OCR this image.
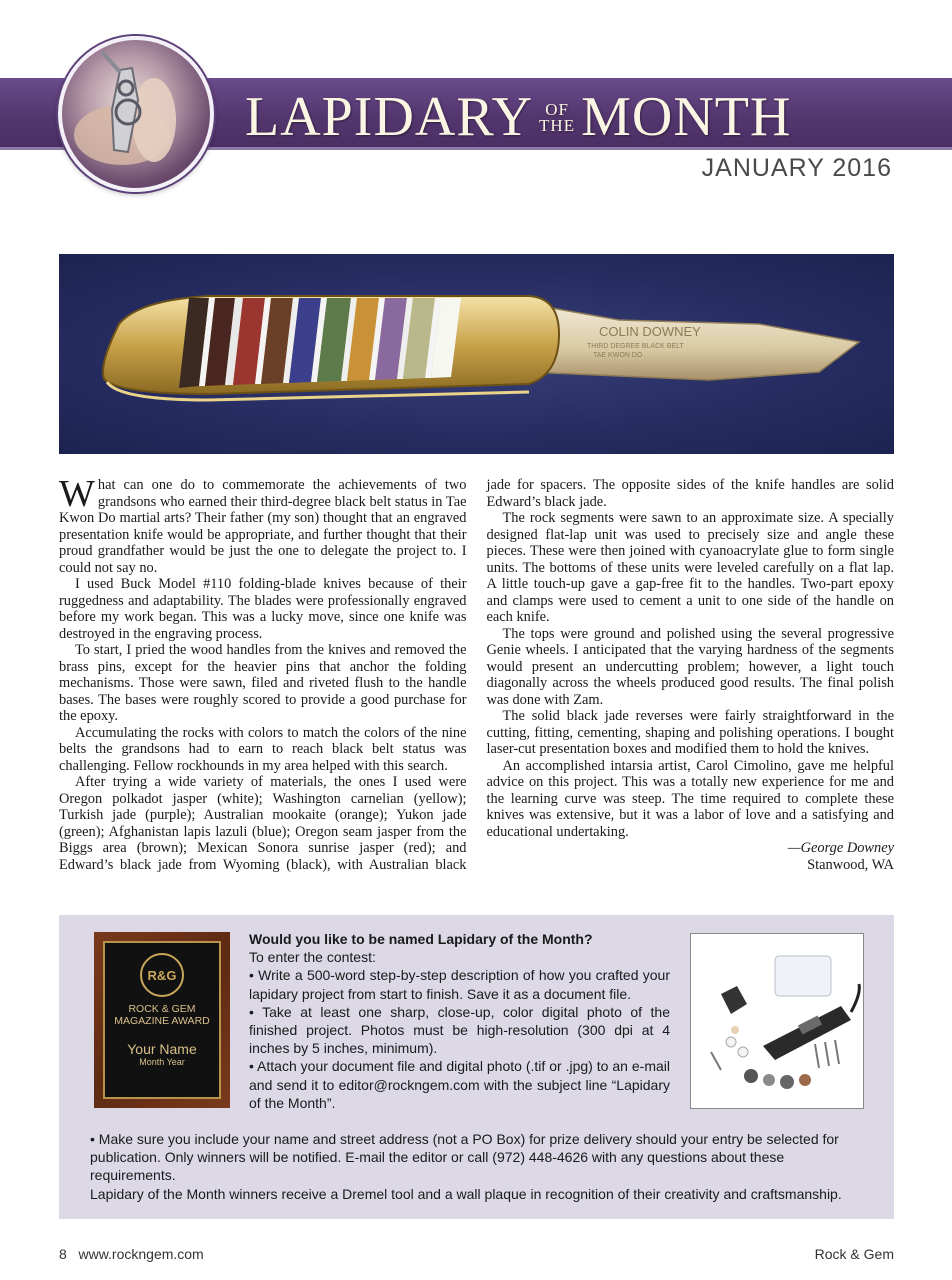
LAPIDARY OF
THE MONTH
JANUARY 2016
COLIN DOWNEY
THIRD DEGREE BLACK BELT
TAE KWON DO

What can one do to commemorate the achievements of two grandsons who earned their third-degree black belt status in Tae Kwon Do martial arts? Their father (my son) thought that an engraved presentation knife would be appropriate, and further thought that their proud grandfather would be just the one to delegate the project to. I could not say no.

I used Buck Model #110 folding-blade knives because of their ruggedness and adaptability. The blades were professionally engraved before my work began. This was a lucky move, since one knife was destroyed in the engraving process.

To start, I pried the wood handles from the knives and removed the brass pins, except for the heavier pins that anchor the folding mechanisms. Those were sawn, filed and riveted flush to the handle bases. The bases were roughly scored to provide a good purchase for the epoxy.

Accumulating the rocks with colors to match the colors of the nine belts the grandsons had to earn to reach black belt status was challenging. Fellow rockhounds in my area helped with this search.

After trying a wide variety of materials, the ones I used were Oregon polkadot jasper (white); Washington carnelian (yellow); Turkish jade (purple); Australian mookaite (orange); Yukon jade (green); Afghanistan lapis lazuli (blue); Oregon seam jasper from the Biggs area (brown); Mexican Sonora sunrise jasper (red); and Edward’s black jade from Wyoming (black), with Australian black jade for spacers. The opposite sides of the knife handles are solid Edward’s black jade.

The rock segments were sawn to an approximate size. A specially designed flat-lap unit was used to precisely size and angle these pieces. These were then joined with cyanoacrylate glue to form single units. The bottoms of these units were leveled carefully on a flat lap. A little touch-up gave a gap-free fit to the handles. Two-part epoxy and clamps were used to cement a unit to one side of the handle on each knife.

The tops were ground and polished using the several progressive Genie wheels. I anticipated that the varying hardness of the segments would present an undercutting problem; however, a light touch diagonally across the wheels produced good results. The final polish was done with Zam.

The solid black jade reverses were fairly straightforward in the cutting, fitting, cementing, shaping and polishing operations. I bought laser-cut presentation boxes and modified them to hold the knives.

An accomplished intarsia artist, Carol Cimolino, gave me helpful advice on this project. This was a totally new experience for me and the learning curve was steep. The time required to complete these knives was extensive, but it was a labor of love and a satisfying and educational undertaking.

—George Downey

Stanwood, WA

R&G
ROCK & GEM
MAGAZINE AWARD
Your Name
Month Year
Would you like to be named Lapidary of the Month?
To enter the contest:
• Write a 500-word step-by-step description of how you crafted your lapidary project from start to finish. Save it as a document file.
• Take at least one sharp, close-up, color digital photo of the finished project. Photos must be high-resolution (300 dpi at 4 inches by 5 inches, minimum).
• Attach your document file and digital photo (.tif or .jpg) to an e-mail and send it to editor@rockngem.com with the subject line “Lapidary of the Month”.
• Make sure you include your name and street address (not a PO Box) for prize delivery should your entry be selected for publication. Only winners will be notified. E-mail the editor or call (972) 448-4626 with any questions about these requirements.
Lapidary of the Month winners receive a Dremel tool and a wall plaque in recognition of their creativity and craftsmanship.
8 www.rockngem.com	Rock & Gem
